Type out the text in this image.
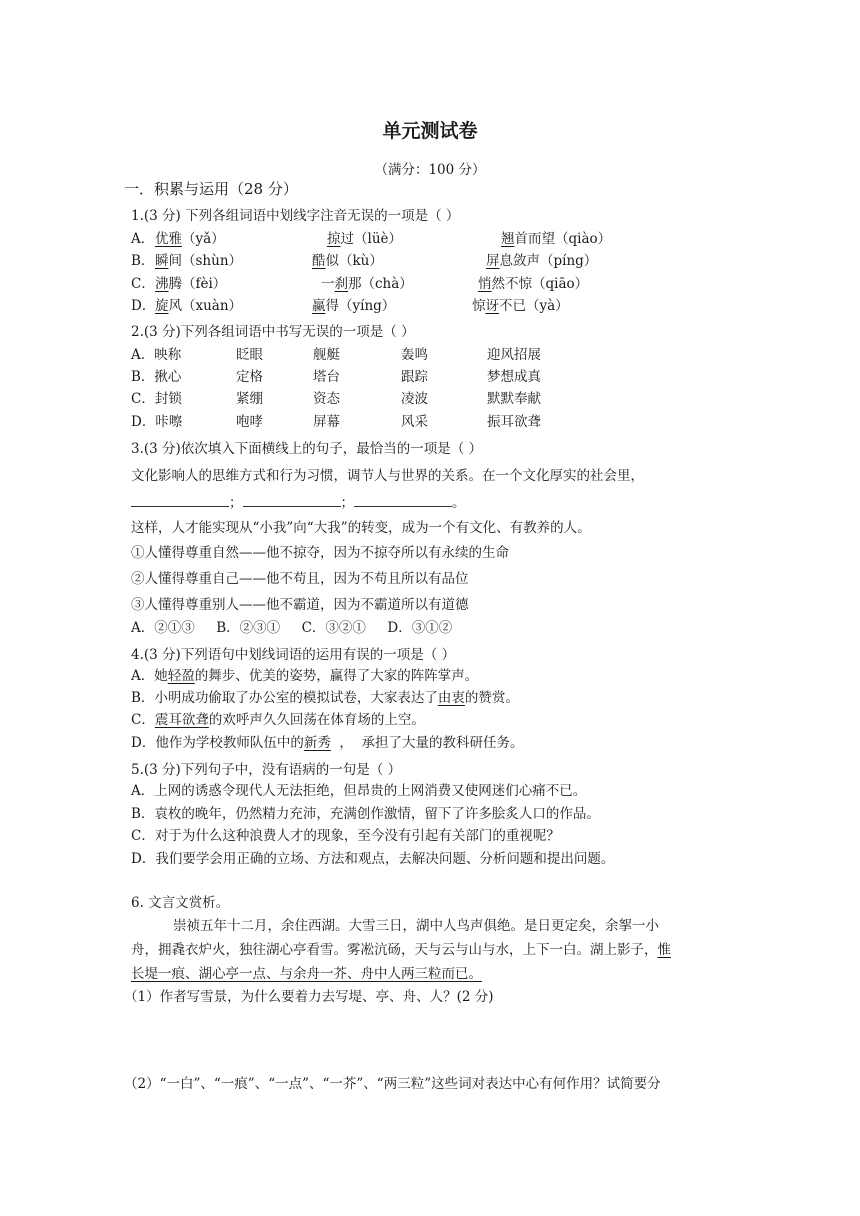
单元测试卷
（满分：100 分）
一．积累与运用（28 分）
1.(3 分) 下列各组词语中划线字注音无误的一项是（ ）
A． 优雅（yǎ）	掠过（lüè）	翘首而望（qiào）
B． 瞬间（shùn）	酷似（kù）	屏息敛声（píng）
C． 沸腾（fèi）	一刹那（chà）	悄然不惊（qiāo）
D． 旋风（xuàn）	赢得（yíng）	惊讶不已（yà）
2.(3 分)下列各组词语中书写无误的一项是（ ）
A．映称	眨眼	舰艇	轰鸣	迎风招展
B．揪心	定格	塔台	跟踪	梦想成真
C．封锁	紧绷	资态	凌波	默默奉献
D．咔嚓	咆哮	屏幕	风采	振耳欲聋
3.(3 分)依次填入下面横线上的句子，最恰当的一项是（ ）
文化影响人的思维方式和行为习惯，调节人与世界的关系。在一个文化厚实的社会里，
；	；	。
这样，人才能实现从“小我”向“大我”的转变，成为一个有文化、有教养的人。
①人懂得尊重自然——他不掠夺，因为不掠夺所以有永续的生命
②人懂得尊重自己——他不苟且，因为不苟且所以有品位
③人懂得尊重别人——他不霸道，因为不霸道所以有道德
A．②①③     B．②③①     C．③②①     D．③①②
4.(3 分)下列语句中划线词语的运用有误的一项是（ ）
A．她轻盈的舞步、优美的姿势，赢得了大家的阵阵掌声。
B．小明成功偷取了办公室的模拟试卷，大家表达了由衷的赞赏。
C．震耳欲聋的欢呼声久久回荡在体育场的上空。
D．他作为学校教师队伍中的新秀  ，  承担了大量的教科研任务。
5.(3 分)下列句子中，没有语病的一句是（ ）
A．上网的诱惑令现代人无法拒绝，但昂贵的上网消费又使网迷们心痛不已。
B．袁枚的晚年，仍然精力充沛，充满创作激情，留下了许多脍炙人口的作品。
C．对于为什么这种浪费人才的现象，至今没有引起有关部门的重视呢？
D．我们要学会用正确的立场、方法和观点，去解决问题、分析问题和提出问题。
6. 文言文赏析。
崇祯五年十二月，余住西湖。大雪三日，湖中人鸟声俱绝。是日更定矣，余挐一小
舟，拥毳衣炉火，独往湖心亭看雪。雾凇沆砀，天与云与山与水，上下一白。湖上影子，惟
长堤一痕、湖心亭一点、与余舟一芥、舟中人两三粒而已。
（1）作者写雪景，为什么要着力去写堤、亭、舟、人？(2 分)
（2）“一白”、“一痕”、“一点”、“一芥”、“两三粒”这些词对表达中心有何作用？试简要分
